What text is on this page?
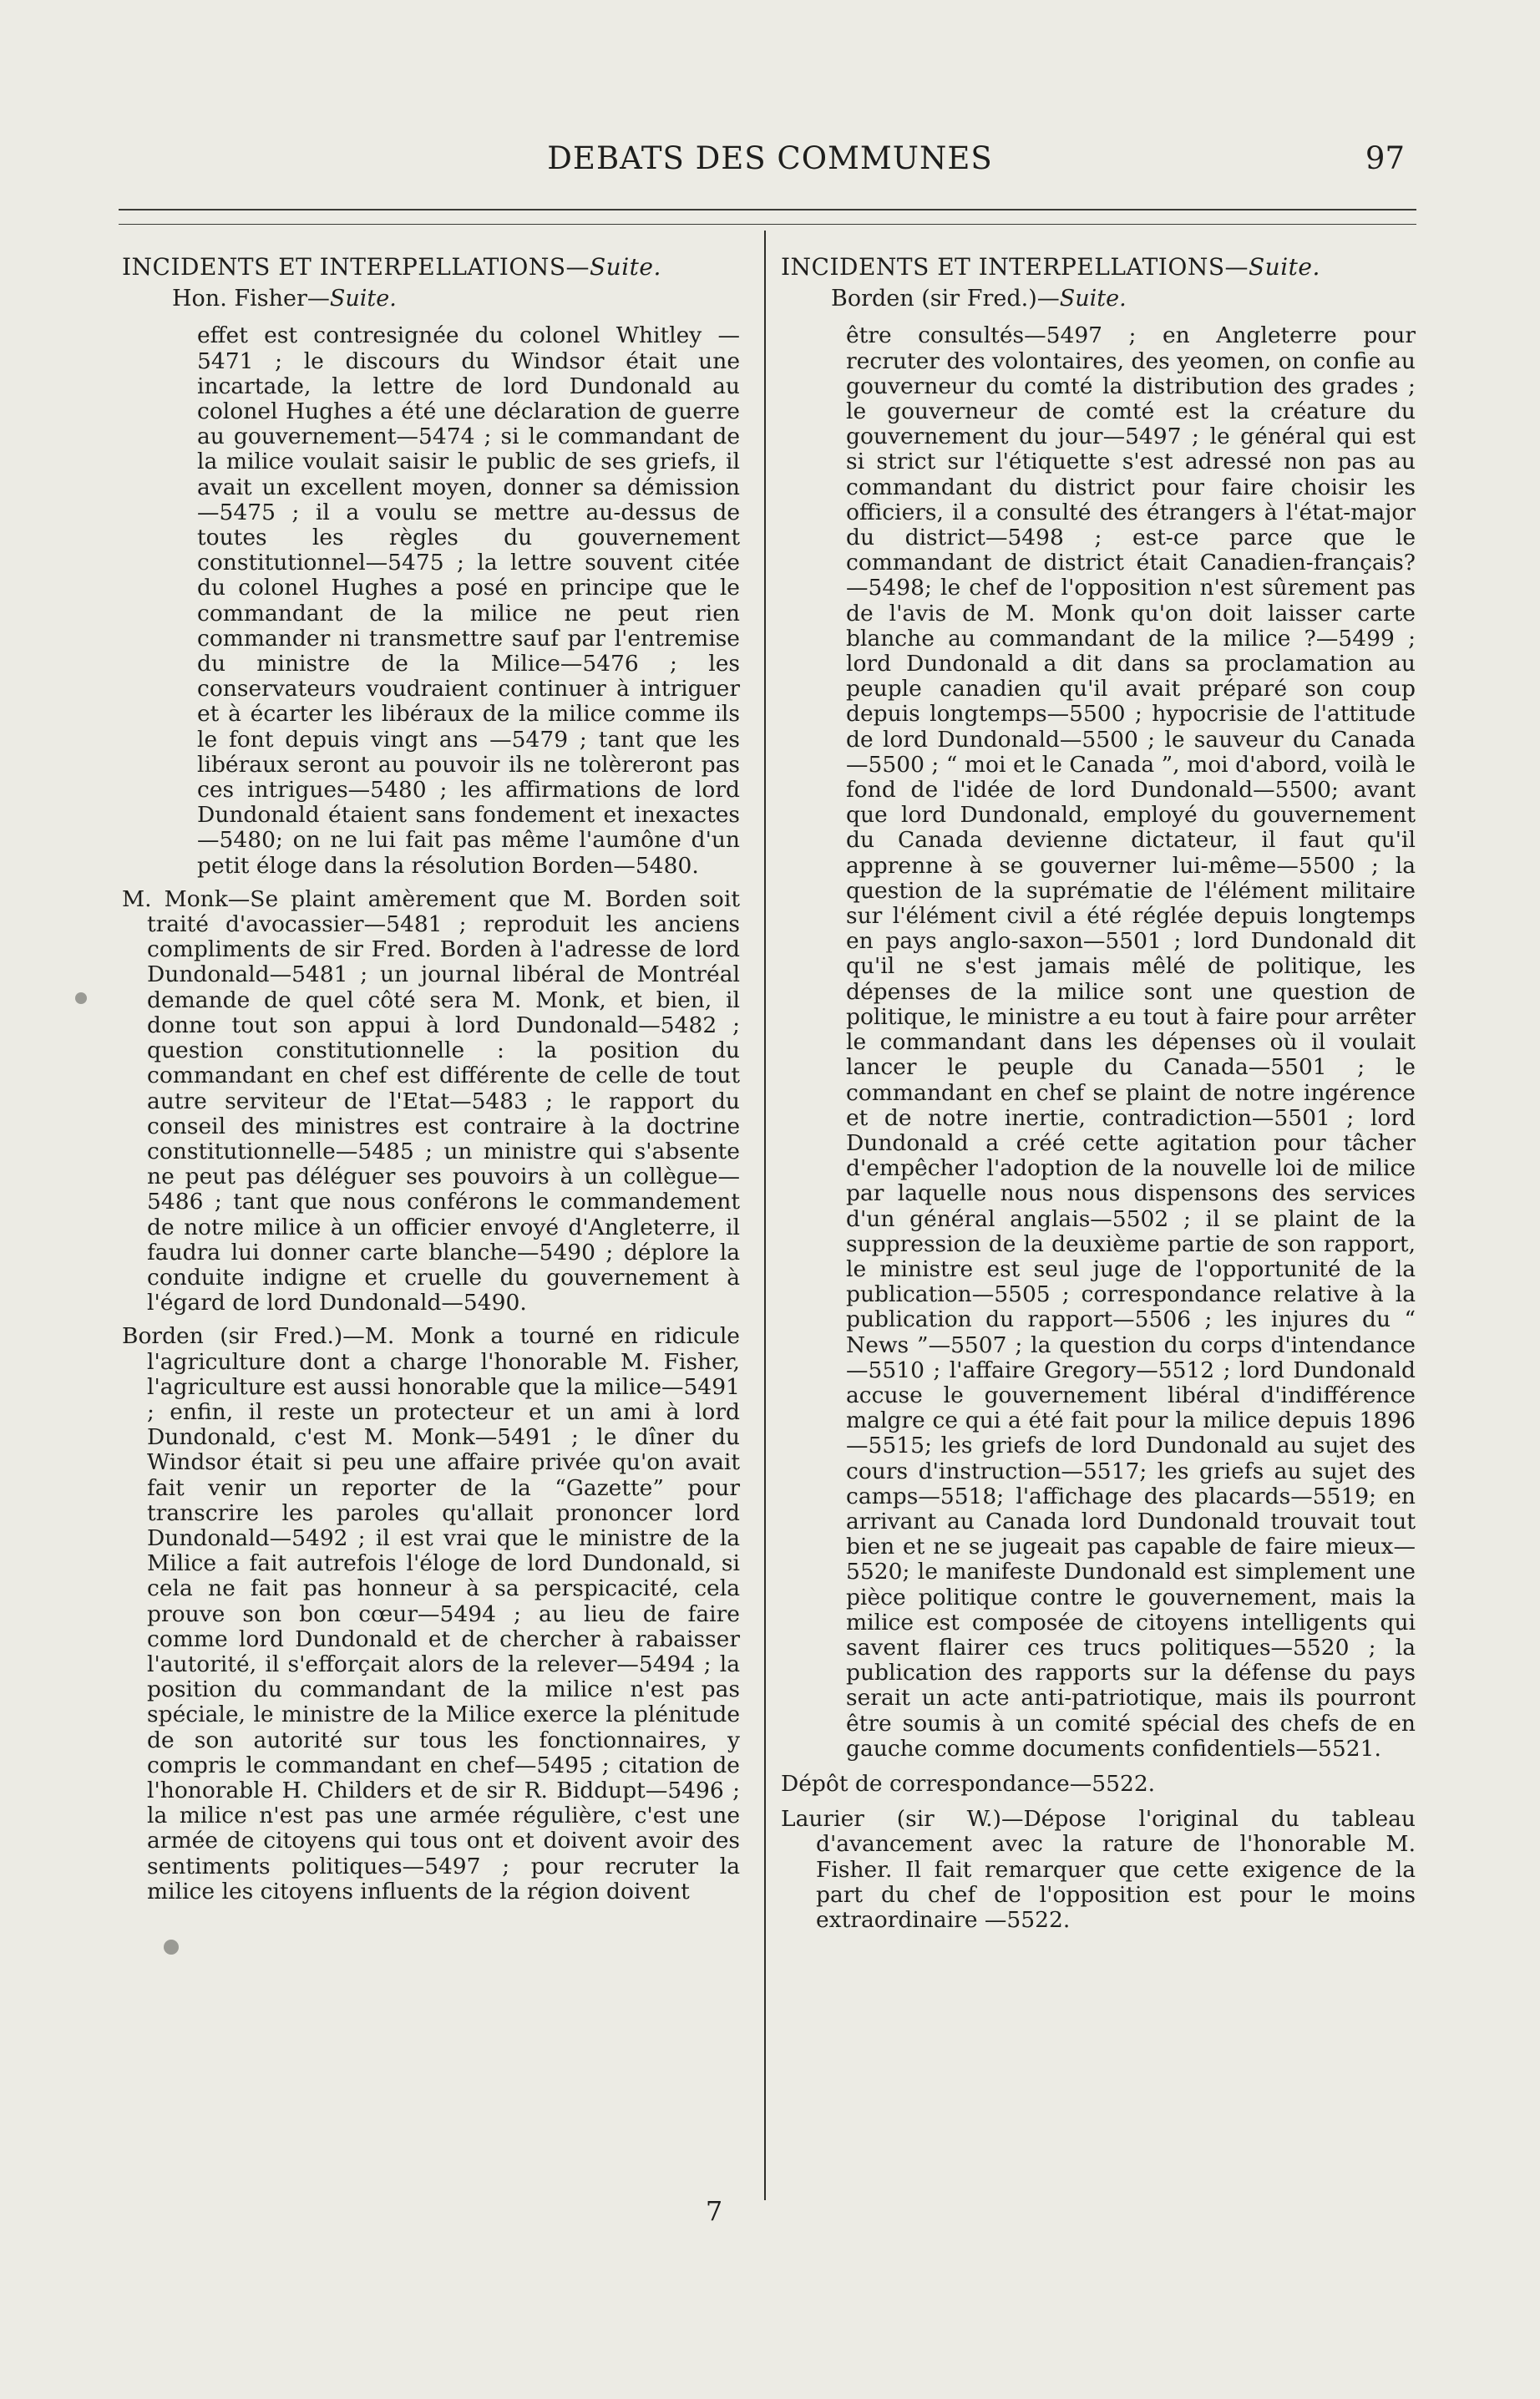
DEBATS DES COMMUNES	97
INCIDENTS ET INTERPELLATIONS—Suite.
Hon. Fisher—Suite.

effet est contresignée du colonel Whitley —5471 ; le discours du Windsor était une incartade, la lettre de lord Dundonald au colonel Hughes a été une déclaration de guerre au gouvernement—5474 ; si le commandant de la milice voulait saisir le public de ses griefs, il avait un excellent moyen, donner sa démission—5475 ; il a voulu se mettre au-dessus de toutes les règles du gouvernement constitutionnel—5475 ; la lettre souvent citée du colonel Hughes a posé en principe que le commandant de la milice ne peut rien commander ni transmettre sauf par l'entremise du ministre de la Milice—5476 ; les conservateurs voudraient continuer à intriguer et à écarter les libéraux de la milice comme ils le font depuis vingt ans —5479 ; tant que les libéraux seront au pouvoir ils ne tolèreront pas ces intrigues—5480 ; les affirmations de lord Dundonald étaient sans fondement et inexactes—5480; on ne lui fait pas même l'aumône d'un petit éloge dans la résolution Borden—5480.

M. Monk—Se plaint amèrement que M. Borden soit traité d'avocassier—5481 ; reproduit les anciens compliments de sir Fred. Borden à l'adresse de lord Dundonald—5481 ; un journal libéral de Montréal demande de quel côté sera M. Monk, et bien, il donne tout son appui à lord Dundonald—5482 ; question constitutionnelle : la position du commandant en chef est différente de celle de tout autre serviteur de l'Etat—5483 ; le rapport du conseil des ministres est contraire à la doctrine constitutionnelle—5485 ; un ministre qui s'absente ne peut pas déléguer ses pouvoirs à un collègue—5486 ; tant que nous conférons le commandement de notre milice à un officier envoyé d'Angleterre, il faudra lui donner carte blanche—5490 ; déplore la conduite indigne et cruelle du gouvernement à l'égard de lord Dundonald—5490.

Borden (sir Fred.)—M. Monk a tourné en ridicule l'agriculture dont a charge l'honorable M. Fisher, l'agriculture est aussi honorable que la milice—5491 ; enfin, il reste un protecteur et un ami à lord Dundonald, c'est M. Monk—5491 ; le dîner du Windsor était si peu une affaire privée qu'on avait fait venir un reporter de la “Gazette” pour transcrire les paroles qu'allait prononcer lord Dundonald—5492 ; il est vrai que le ministre de la Milice a fait autrefois l'éloge de lord Dundonald, si cela ne fait pas honneur à sa perspicacité, cela prouve son bon cœur—5494 ; au lieu de faire comme lord Dundonald et de chercher à rabaisser l'autorité, il s'efforçait alors de la relever—5494 ; la position du commandant de la milice n'est pas spéciale, le ministre de la Milice exerce la plénitude de son autorité sur tous les fonctionnaires, y compris le commandant en chef—5495 ; citation de l'honorable H. Childers et de sir R. Biddupt—5496 ; la milice n'est pas une armée régulière, c'est une armée de citoyens qui tous ont et doivent avoir des sentiments politiques—5497 ; pour recruter la milice les citoyens influents de la région doivent

INCIDENTS ET INTERPELLATIONS—Suite.
Borden (sir Fred.)—Suite.

être consultés—5497 ; en Angleterre pour recruter des volontaires, des yeomen, on confie au gouverneur du comté la distribution des grades ; le gouverneur de comté est la créature du gouvernement du jour—5497 ; le général qui est si strict sur l'étiquette s'est adressé non pas au commandant du district pour faire choisir les officiers, il a consulté des étrangers à l'état-major du district—5498 ; est-ce parce que le commandant de district était Canadien-français?—5498; le chef de l'opposition n'est sûrement pas de l'avis de M. Monk qu'on doit laisser carte blanche au commandant de la milice ?—5499 ; lord Dundonald a dit dans sa proclamation au peuple canadien qu'il avait préparé son coup depuis longtemps—5500 ; hypocrisie de l'attitude de lord Dundonald—5500 ; le sauveur du Canada—5500 ; “ moi et le Canada ”, moi d'abord, voilà le fond de l'idée de lord Dundonald—5500; avant que lord Dundonald, employé du gouvernement du Canada devienne dictateur, il faut qu'il apprenne à se gouverner lui-même—5500 ; la question de la suprématie de l'élément militaire sur l'élément civil a été réglée depuis longtemps en pays anglo-saxon—5501 ; lord Dundonald dit qu'il ne s'est jamais mêlé de politique, les dépenses de la milice sont une question de politique, le ministre a eu tout à faire pour arrêter le commandant dans les dépenses où il voulait lancer le peuple du Canada—5501 ; le commandant en chef se plaint de notre ingérence et de notre inertie, contradiction—5501 ; lord Dundonald a créé cette agitation pour tâcher d'empêcher l'adoption de la nouvelle loi de milice par laquelle nous nous dispensons des services d'un général anglais—5502 ; il se plaint de la suppression de la deuxième partie de son rapport, le ministre est seul juge de l'opportunité de la publication—5505 ; correspondance relative à la publication du rapport—5506 ; les injures du “ News ”—5507 ; la question du corps d'intendance—5510 ; l'affaire Gregory—5512 ; lord Dundonald accuse le gouvernement libéral d'indifférence malgre ce qui a été fait pour la milice depuis 1896—5515; les griefs de lord Dundonald au sujet des cours d'instruction—5517; les griefs au sujet des camps—5518; l'affichage des placards—5519; en arrivant au Canada lord Dundonald trouvait tout bien et ne se jugeait pas capable de faire mieux—5520; le manifeste Dundonald est simplement une pièce politique contre le gouvernement, mais la milice est composée de citoyens intelligents qui savent flairer ces trucs politiques—5520 ; la publication des rapports sur la défense du pays serait un acte anti-patriotique, mais ils pourront être soumis à un comité spécial des chefs de en gauche comme documents confidentiels—5521.

Dépôt de correspondance—5522.

Laurier (sir W.)—Dépose l'original du tableau d'avancement avec la rature de l'honorable M. Fisher. Il fait remarquer que cette exigence de la part du chef de l'opposition est pour le moins extraordinaire —5522.

7
